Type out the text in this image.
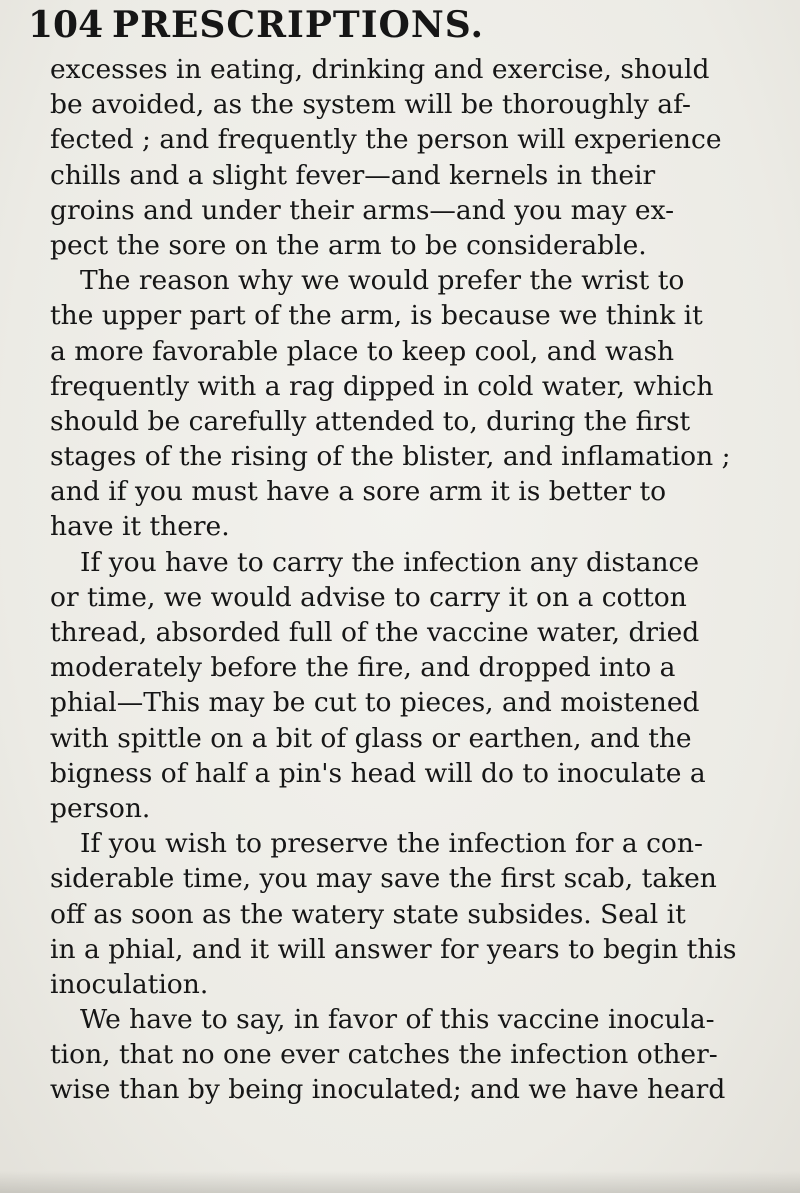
104 PRESCRIPTIONS.
excesses in eating, drinking and exercise, should
be avoided, as the system will be thoroughly af-
fected ; and frequently the person will experience
chills and a slight fever—and kernels in their
groins and under their arms—and you may ex-
pect the sore on the arm to be considerable.
The reason why we would prefer the wrist to
the upper part of the arm, is because we think it
a more favorable place to keep cool, and wash
frequently with a rag dipped in cold water, which
should be carefully attended to, during the first
stages of the rising of the blister, and inflamation ;
and if you must have a sore arm it is better to
have it there.
If you have to carry the infection any distance
or time, we would advise to carry it on a cotton
thread, absorded full of the vaccine water, dried
moderately before the fire, and dropped into a
phial—This may be cut to pieces, and moistened
with spittle on a bit of glass or earthen, and the
bigness of half a pin's head will do to inoculate a
person.
If you wish to preserve the infection for a con-
siderable time, you may save the first scab, taken
off as soon as the watery state subsides. Seal it
in a phial, and it will answer for years to begin this
inoculation.
We have to say, in favor of this vaccine inocula-
tion, that no one ever catches the infection other-
wise than by being inoculated; and we have heard
